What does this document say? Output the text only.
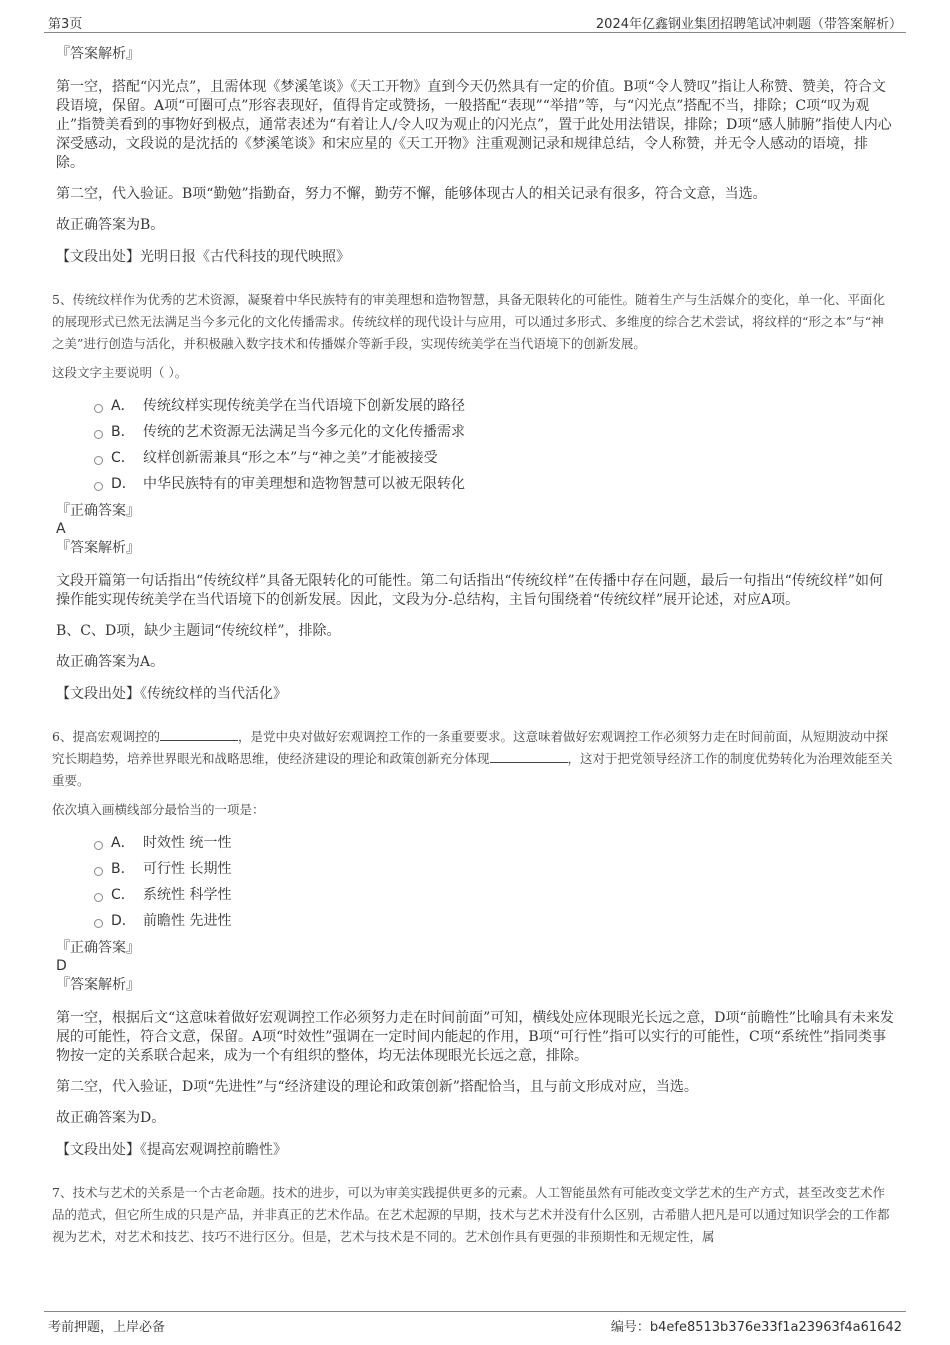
第3页	2024年亿鑫钢业集团招聘笔试冲刺题（带答案解析）
『答案解析』

第一空，搭配“闪光点”，且需体现《梦溪笔谈》《天工开物》直到今天仍然具有一定的价值。B项“令人赞叹”指让人称赞、赞美，符合文段语境，保留。A项“可圈可点”形容表现好，值得肯定或赞扬，一般搭配“表现”“举措”等，与“闪光点”搭配不当，排除；C项“叹为观止”指赞美看到的事物好到极点，通常表述为“有着让人/令人叹为观止的闪光点”，置于此处用法错误，排除；D项“感人肺腑”指使人内心深受感动，文段说的是沈括的《梦溪笔谈》和宋应星的《天工开物》注重观测记录和规律总结，令人称赞，并无令人感动的语境，排除。

第二空，代入验证。B项“勤勉”指勤奋，努力不懈，勤劳不懈，能够体现古人的相关记录有很多，符合文意，当选。

故正确答案为B。

【文段出处】光明日报《古代科技的现代映照》

5、传统纹样作为优秀的艺术资源，凝聚着中华民族特有的审美理想和造物智慧，具备无限转化的可能性。随着生产与生活媒介的变化，单一化、平面化的展现形式已然无法满足当今多元化的文化传播需求。传统纹样的现代设计与应用，可以通过多形式、多维度的综合艺术尝试，将纹样的“形之本”与“神之美”进行创造与活化，并积极融入数字技术和传播媒介等新手段，实现传统美学在当代语境下的创新发展。

这段文字主要说明（ ）。

A． 传统纹样实现传统美学在当代语境下创新发展的路径
B． 传统的艺术资源无法满足当今多元化的文化传播需求
C． 纹样创新需兼具“形之本”与“神之美”才能被接受
D． 中华民族特有的审美理想和造物智慧可以被无限转化
『正确答案』
A
『答案解析』

文段开篇第一句话指出“传统纹样”具备无限转化的可能性。第二句话指出“传统纹样”在传播中存在问题，最后一句指出“传统纹样”如何操作能实现传统美学在当代语境下的创新发展。因此，文段为分-总结构，主旨句围绕着“传统纹样”展开论述，对应A项。

B、C、D项，缺少主题词“传统纹样”，排除。

故正确答案为A。

【文段出处】《传统纹样的当代活化》

6、提高宏观调控的	，是党中央对做好宏观调控工作的一条重要要求。这意味着做好宏观调控工作必须努力走在时间前面，从短期波动中探究长期趋势，培养世界眼光和战略思维，使经济建设的理论和政策创新充分体现	，这对于把党领导经济工作的制度优势转化为治理效能至关重要。

依次填入画横线部分最恰当的一项是：

A． 时效性 统一性
B． 可行性 长期性
C． 系统性 科学性
D． 前瞻性 先进性
『正确答案』
D
『答案解析』

第一空，根据后文“这意味着做好宏观调控工作必须努力走在时间前面”可知，横线处应体现眼光长远之意，D项“前瞻性”比喻具有未来发展的可能性，符合文意，保留。A项“时效性”强调在一定时间内能起的作用，B项“可行性”指可以实行的可能性，C项“系统性”指同类事物按一定的关系联合起来，成为一个有组织的整体，均无法体现眼光长远之意，排除。

第二空，代入验证，D项“先进性”与“经济建设的理论和政策创新”搭配恰当，且与前文形成对应，当选。

故正确答案为D。

【文段出处】《提高宏观调控前瞻性》

7、技术与艺术的关系是一个古老命题。技术的进步，可以为审美实践提供更多的元素。人工智能虽然有可能改变文学艺术的生产方式，甚至改变艺术作品的范式，但它所生成的只是产品，并非真正的艺术作品。在艺术起源的早期，技术与艺术并没有什么区别，古希腊人把凡是可以通过知识学会的工作都视为艺术，对艺术和技艺、技巧不进行区分。但是，艺术与技术是不同的。艺术创作具有更强的非预期性和无规定性，属

考前押题，上岸必备	编号：b4efe8513b376e33f1a23963f4a61642
